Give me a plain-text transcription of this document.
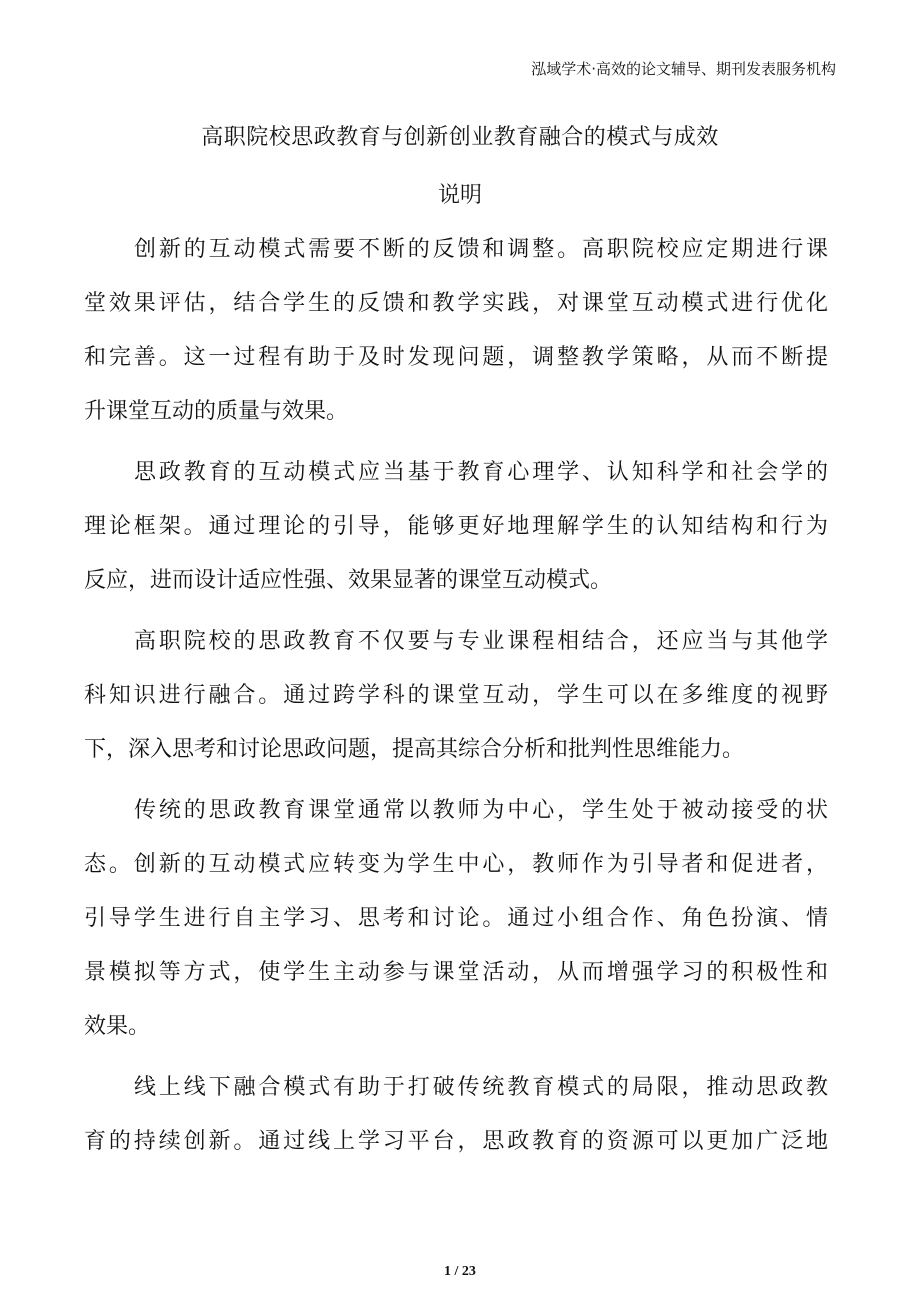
泓域学术·高效的论文辅导、期刊发表服务机构
高职院校思政教育与创新创业教育融合的模式与成效
说明
创新的互动模式需要不断的反馈和调整。高职院校应定期进行课
堂效果评估，结合学生的反馈和教学实践，对课堂互动模式进行优化
和完善。这一过程有助于及时发现问题，调整教学策略，从而不断提
升课堂互动的质量与效果。
思政教育的互动模式应当基于教育心理学、认知科学和社会学的
理论框架。通过理论的引导，能够更好地理解学生的认知结构和行为
反应，进而设计适应性强、效果显著的课堂互动模式。
高职院校的思政教育不仅要与专业课程相结合，还应当与其他学
科知识进行融合。通过跨学科的课堂互动，学生可以在多维度的视野
下，深入思考和讨论思政问题，提高其综合分析和批判性思维能力。
传统的思政教育课堂通常以教师为中心，学生处于被动接受的状
态。创新的互动模式应转变为学生中心，教师作为引导者和促进者，
引导学生进行自主学习、思考和讨论。通过小组合作、角色扮演、情
景模拟等方式，使学生主动参与课堂活动，从而增强学习的积极性和
效果。
线上线下融合模式有助于打破传统教育模式的局限，推动思政教
育的持续创新。通过线上学习平台，思政教育的资源可以更加广泛地
1 / 23
